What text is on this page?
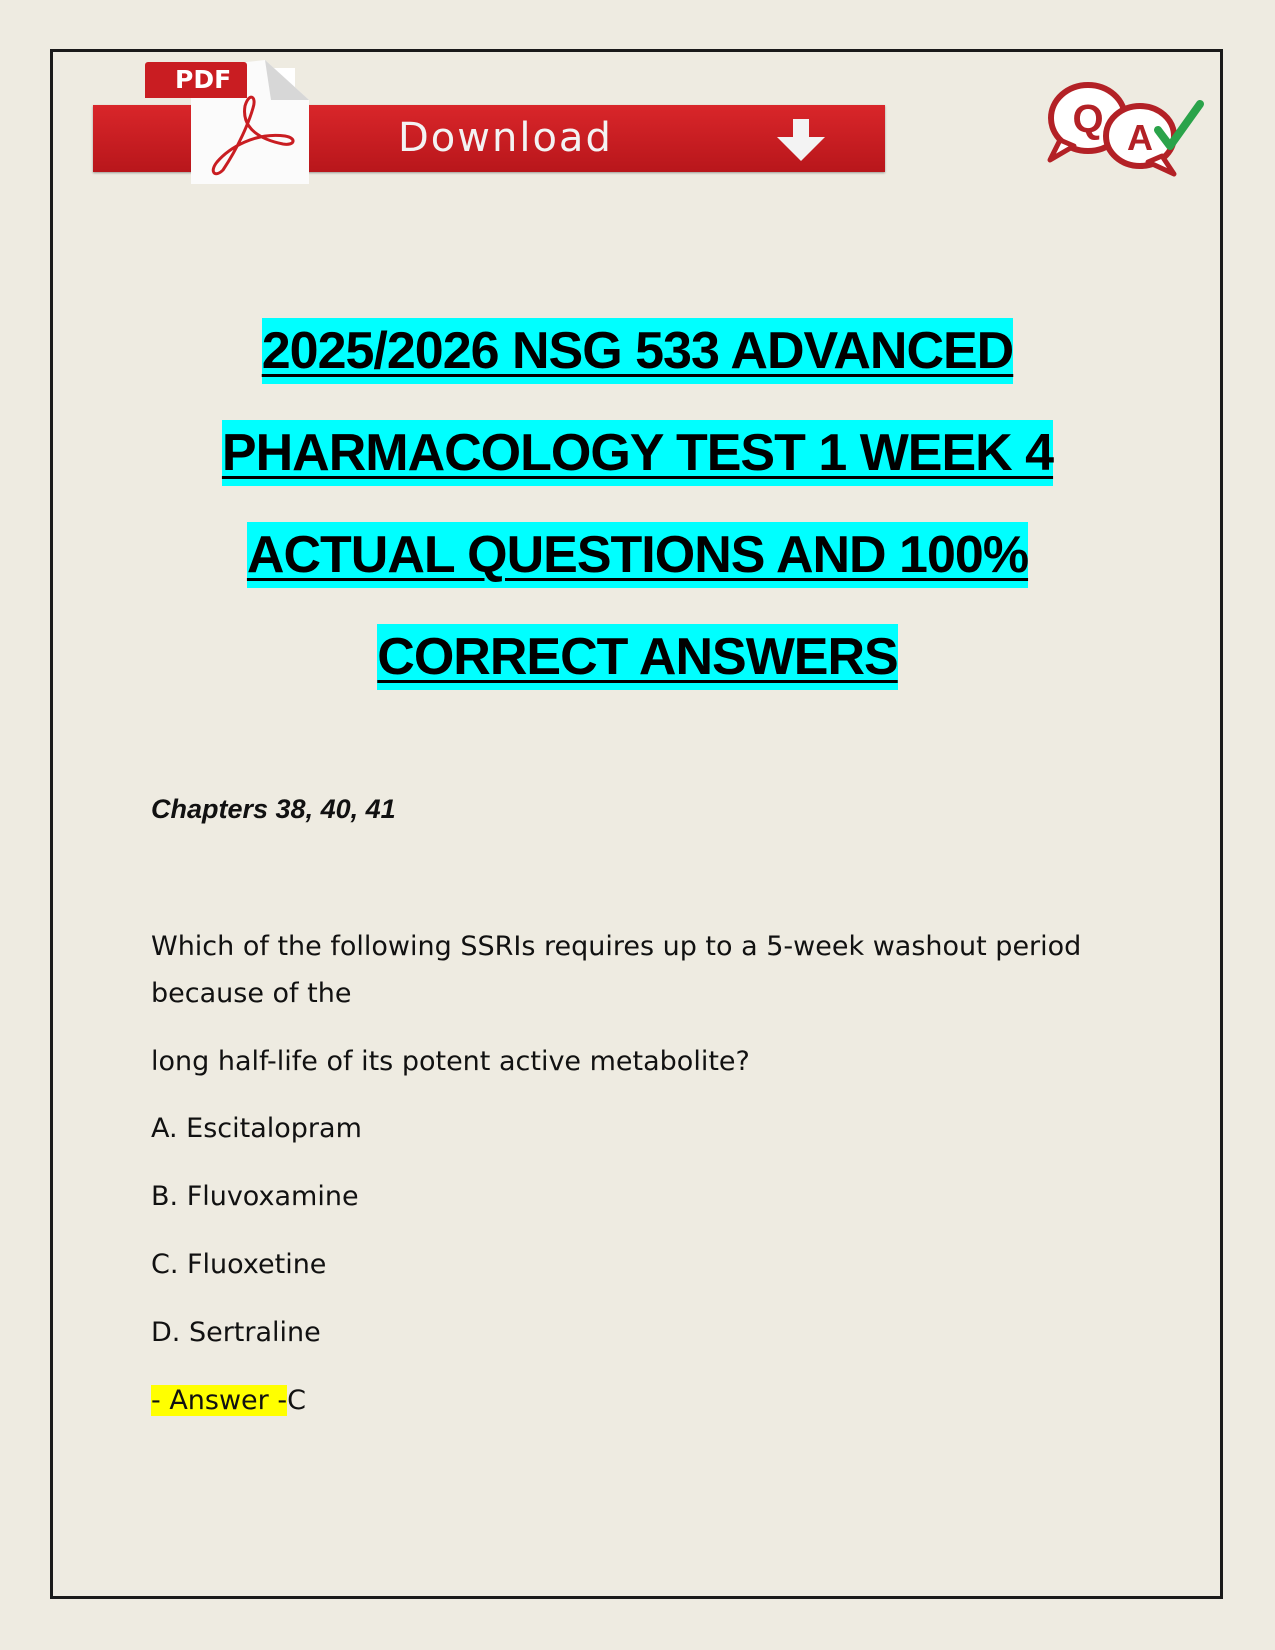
Download
PDF
Q A
2025/2026 NSG 533 ADVANCED
PHARMACOLOGY TEST 1 WEEK 4
ACTUAL QUESTIONS AND 100%
CORRECT ANSWERS
Chapters 38, 40, 41
Which of the following SSRIs requires up to a 5-week washout period
because of the
long half-life of its potent active metabolite?
A. Escitalopram
B. Fluvoxamine
C. Fluoxetine
D. Sertraline
- Answer -C
